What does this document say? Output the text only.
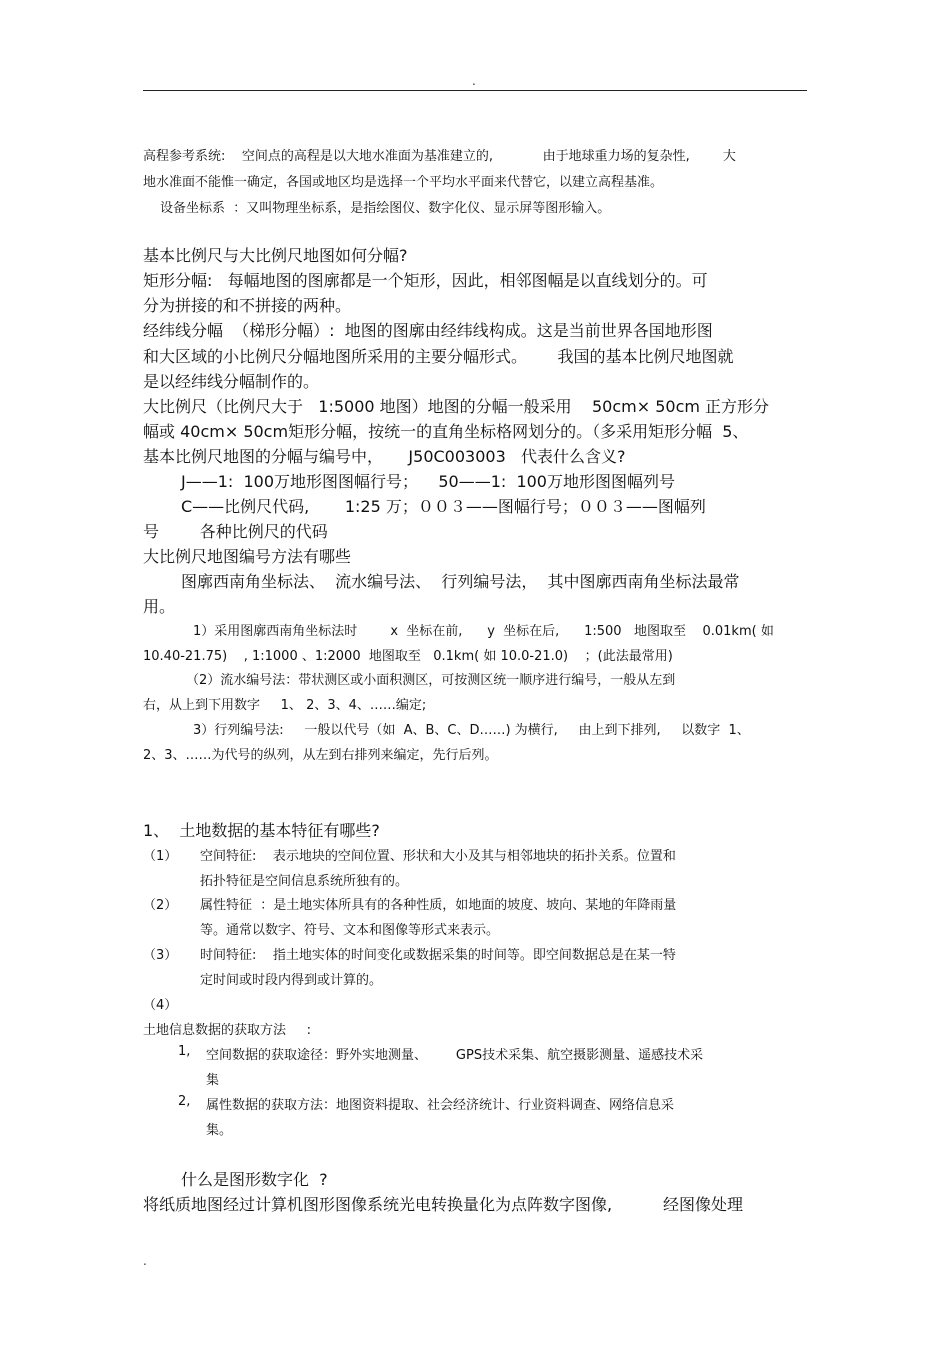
.
高程参考系统:    空间点的高程是以大地水准面为基准建立的,            由于地球重力场的复杂性,        大
地水准面不能惟一确定，各国或地区均是选择一个平均水平面来代替它，以建立高程基准。
设备坐标系  ：又叫物理坐标系，是指绘图仪、数字化仪、显示屏等图形输入。
基本比例尺与大比例尺地图如何分幅?
矩形分幅:   每幅地图的图廓都是一个矩形，因此，相邻图幅是以直线划分的。可
分为拼接的和不拼接的两种。
经纬线分幅  （梯形分幅）:  地图的图廓由经纬线构成。这是当前世界各国地形图
和大区域的小比例尺分幅地图所采用的主要分幅形式。      我国的基本比例尺地图就
是以经纬线分幅制作的。
大比例尺（比例尺大于   1:5000 地图）地图的分幅一般采用    50cm× 50cm 正方形分
幅或 40cm× 50cm矩形分幅，按统一的直角坐标格网划分的。（多采用矩形分幅  5、
基本比例尺地图的分幅与编号中，     J50C003003   代表什么含义?
J——1:  100万地形图图幅行号；    50——1:  100万地形图图幅列号
C——比例尺代码,       1:25 万；００３——图幅行号；００３——图幅列
号        各种比例尺的代码
大比例尺地图编号方法有哪些
图廓西南角坐标法、  流水编号法、  行列编号法，  其中图廓西南角坐标法最常
用。
1）采用图廓西南角坐标法时        x  坐标在前,      y  坐标在后,      1:500   地图取至    0.01km( 如
10.40-21.75)    , 1:1000 、1:2000  地图取至   0.1km( 如 10.0-21.0)    ；(此法最常用)
（2）流水编号法：带状测区或小面积测区，可按测区统一顺序进行编号，一般从左到
右，从上到下用数字     1、 2、3、4、……编定;
3）行列编号法:     一般以代号（如  A、B、C、D……) 为横行,     由上到下排列,     以数字  1、
2、3、……为代号的纵列，从左到右排列来编定，先行后列。
1、  土地数据的基本特征有哪些?
（1） 空间特征:    表示地块的空间位置、形状和大小及其与相邻地块的拓扑关系。位置和
拓扑特征是空间信息系统所独有的。
（2） 属性特征  ：是土地实体所具有的各种性质，如地面的坡度、坡向、某地的年降雨量
等。通常以数字、符号、文本和图像等形式来表示。
（3） 时间特征:    指土地实体的时间变化或数据采集的时间等。即空间数据总是在某一特
定时间或时段内得到或计算的。
（4）
土地信息数据的获取方法     :
1, 空间数据的获取途径：野外实地测量、       GPS技术采集、航空摄影测量、遥感技术采
集
2, 属性数据的获取方法：地图资料提取、社会经济统计、行业资料调查、网络信息采
集。
什么是图形数字化  ?
将纸质地图经过计算机图形图像系统光电转换量化为点阵数字图像,          经图像处理
.
